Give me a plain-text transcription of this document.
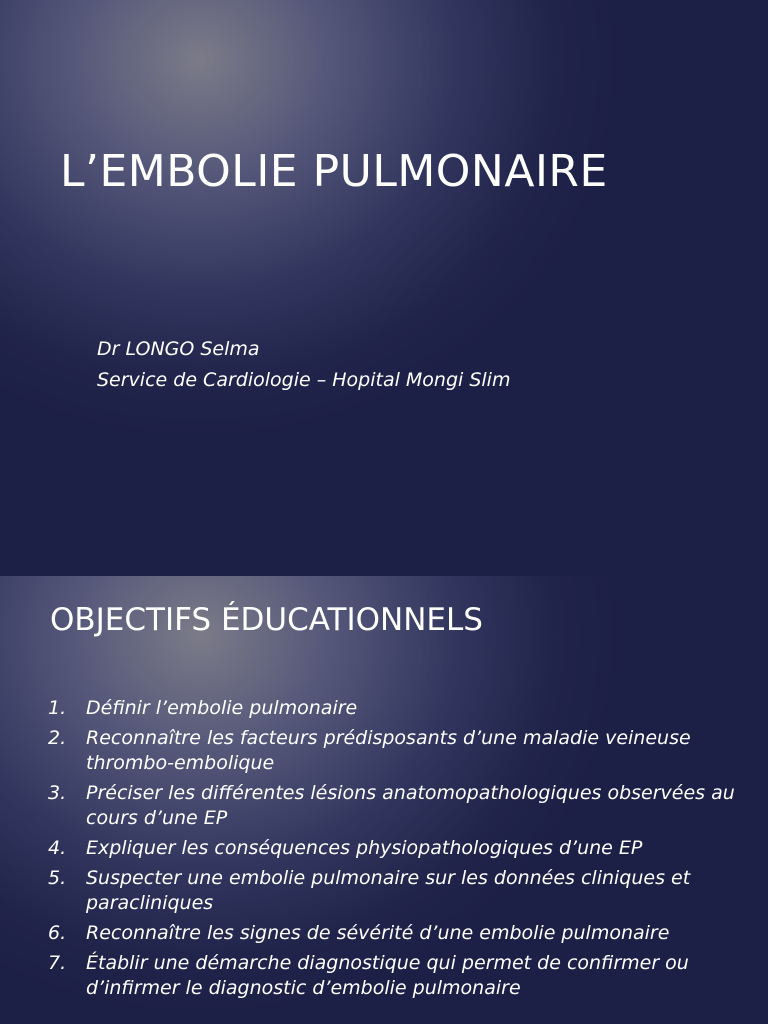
L’EMBOLIE PULMONAIRE
Dr LONGO Selma
Service de Cardiologie – Hopital Mongi Slim
OBJECTIFS ÉDUCATIONNELS
1.	Définir l’embolie pulmonaire
2.	Reconnaître les facteurs prédisposants d’une maladie veineuse thrombo-embolique
3.	Préciser les différentes lésions anatomopathologiques observées au cours d’une EP
4.	Expliquer les conséquences physiopathologiques d’une EP
5.	Suspecter une embolie pulmonaire sur les données cliniques et paracliniques
6.	Reconnaître les signes de sévérité d’une embolie pulmonaire
7.	Établir une démarche diagnostique qui permet de confirmer ou d’infirmer le diagnostic d’embolie pulmonaire
